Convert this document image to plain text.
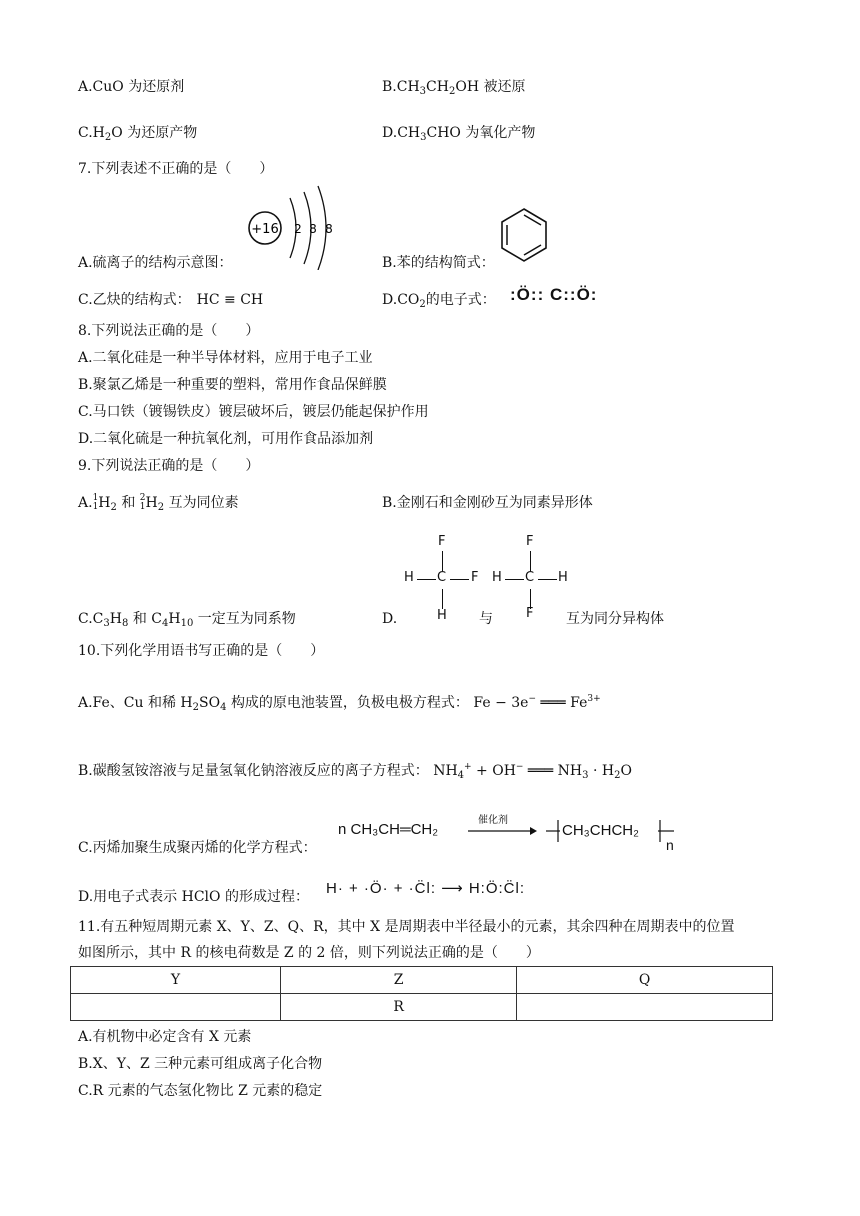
A.CuO 为还原剂	$B.CH_3CH_2OH$ 被还原
$C.H_2O$ 为还原产物	$D.CH_3CHO$ 为氧化产物
7.下列表述不正确的是（　　）
+16 2 8 8
A.硫离子的结构示意图：	B.苯的结构简式：
C.乙炔的结构式： HC ≡ CH	$D.CO_2$的电子式： :Ö:: C::Ö:
8.下列说法正确的是（　　）
A.二氧化硅是一种半导体材料，应用于电子工业
B.聚氯乙烯是一种重要的塑料，常用作食品保鲜膜
C.马口铁（镀锡铁皮）镀层破坏后，镀层仍能起保护作用
D.二氧化硫是一种抗氧化剂，可用作食品添加剂
9.下列说法正确的是（　　）
A.1
$1H_2$ 和 2
$1H_2$ 互为同位素	B.金刚石和金刚砂互为同素异形体
F
H C F
H
F
H C H
F
$C.C_3H_8$ 和 $C_4H_{10}$ 一定互为同系物	D.	与	互为同分异构体
10.下列化学用语书写正确的是（　　）
A.Fe、Cu 和稀 $H_2SO_4$ 构成的原电池装置，负极电极方程式： Fe − 3e− ═══ $Fe^{3+}$
B.碳酸氢铵溶液与足量氢氧化钠溶液反应的离子方程式： $NH_4^+ + OH^-$ ═══ $NH_3 \cdot H_2O$
n CH₃CH═CH₂
催化剂
CH₃CHCH₂
n
C.丙烯加聚生成聚丙烯的化学方程式：
D.用电子式表示 HClO 的形成过程： H· + ·Ö· + ·C̈l: ⟶ H:Ö:C̈l:
11.有五种短周期元素 X、Y、Z、Q、R，其中 X 是周期表中半径最小的元素，其余四种在周期表中的位置
如图所示，其中 R 的核电荷数是 Z 的 2 倍，则下列说法正确的是（　　）
Y	Z	Q
	R	
A.有机物中必定含有 X 元素
B.X、Y、Z 三种元素可组成离子化合物
C.R 元素的气态氢化物比 Z 元素的稳定
